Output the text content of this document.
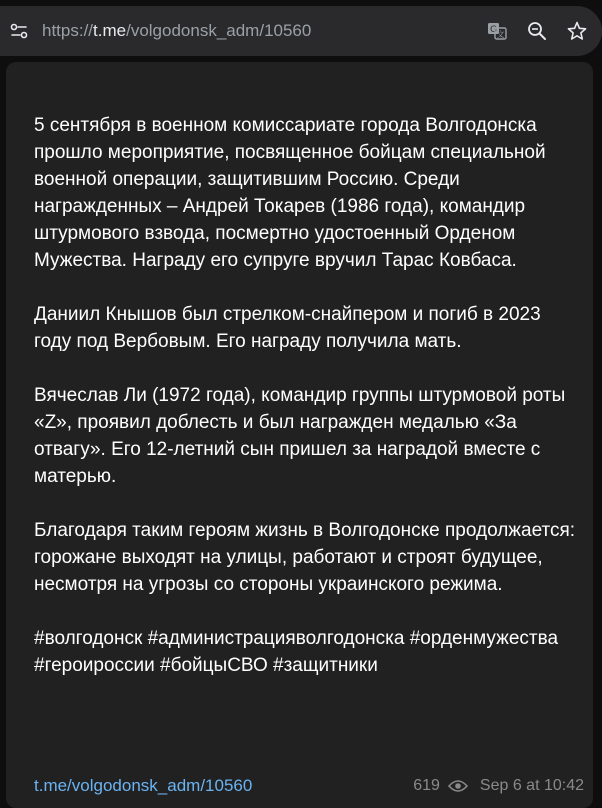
https://t.me/volgodonsk_adm/10560	G 文

5 сентября в военном комиссариате города Волгодонска прошло мероприятие, посвященное бойцам специальной военной операции, защитившим Россию. Среди награжденных – Андрей Токарев (1986 года), командир штурмового взвода, посмертно удостоенный Орденом Мужества. Награду его супруге вручил Тарас Ковбаса.

Даниил Кнышов был стрелком-снайпером и погиб в 2023 году под Вербовым. Его награду получила мать.

Вячеслав Ли (1972 года), командир группы штурмовой роты «Z», проявил доблесть и был награжден медалью «За отвагу». Его 12-летний сын пришел за наградой вместе с матерью.

Благодаря таким героям жизнь в Волгодонске продолжается: горожане выходят на улицы, работают и строят будущее, несмотря на угрозы со стороны украинского режима.

#волгодонск #администрацияволгодонска #орденмужества #героироссии #бойцыСВО #защитники

t.me/volgodonsk_adm/10560	619	Sep 6 at 10:42
